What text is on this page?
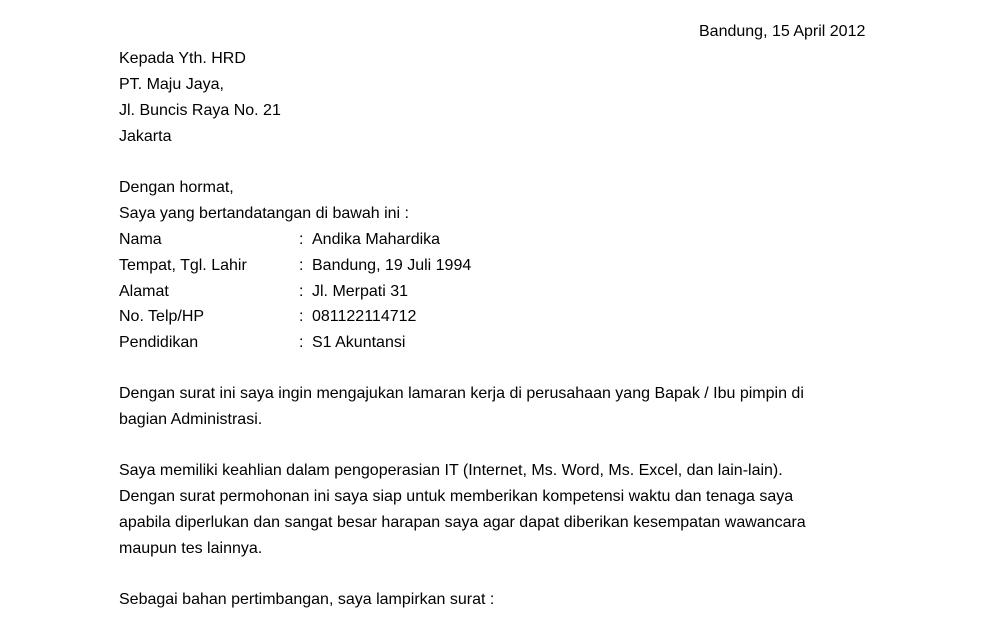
Bandung, 15 April 2012
Kepada Yth. HRD
PT. Maju Jaya,
Jl. Buncis Raya No. 21
Jakarta
Dengan hormat,
Saya yang bertandatangan di bawah ini :
Nama	: Andika Mahardika
Tempat, Tgl. Lahir	: Bandung, 19 Juli 1994
Alamat	: Jl. Merpati 31
No. Telp/HP	: 081122114712
Pendidikan	: S1 Akuntansi
Dengan surat ini saya ingin mengajukan lamaran kerja di perusahaan yang Bapak / Ibu pimpin di
bagian Administrasi.
Saya memiliki keahlian dalam pengoperasian IT (Internet, Ms. Word, Ms. Excel, dan lain-lain).
Dengan surat permohonan ini saya siap untuk memberikan kompetensi waktu dan tenaga saya
apabila diperlukan dan sangat besar harapan saya agar dapat diberikan kesempatan wawancara
maupun tes lainnya.
Sebagai bahan pertimbangan, saya lampirkan surat :
